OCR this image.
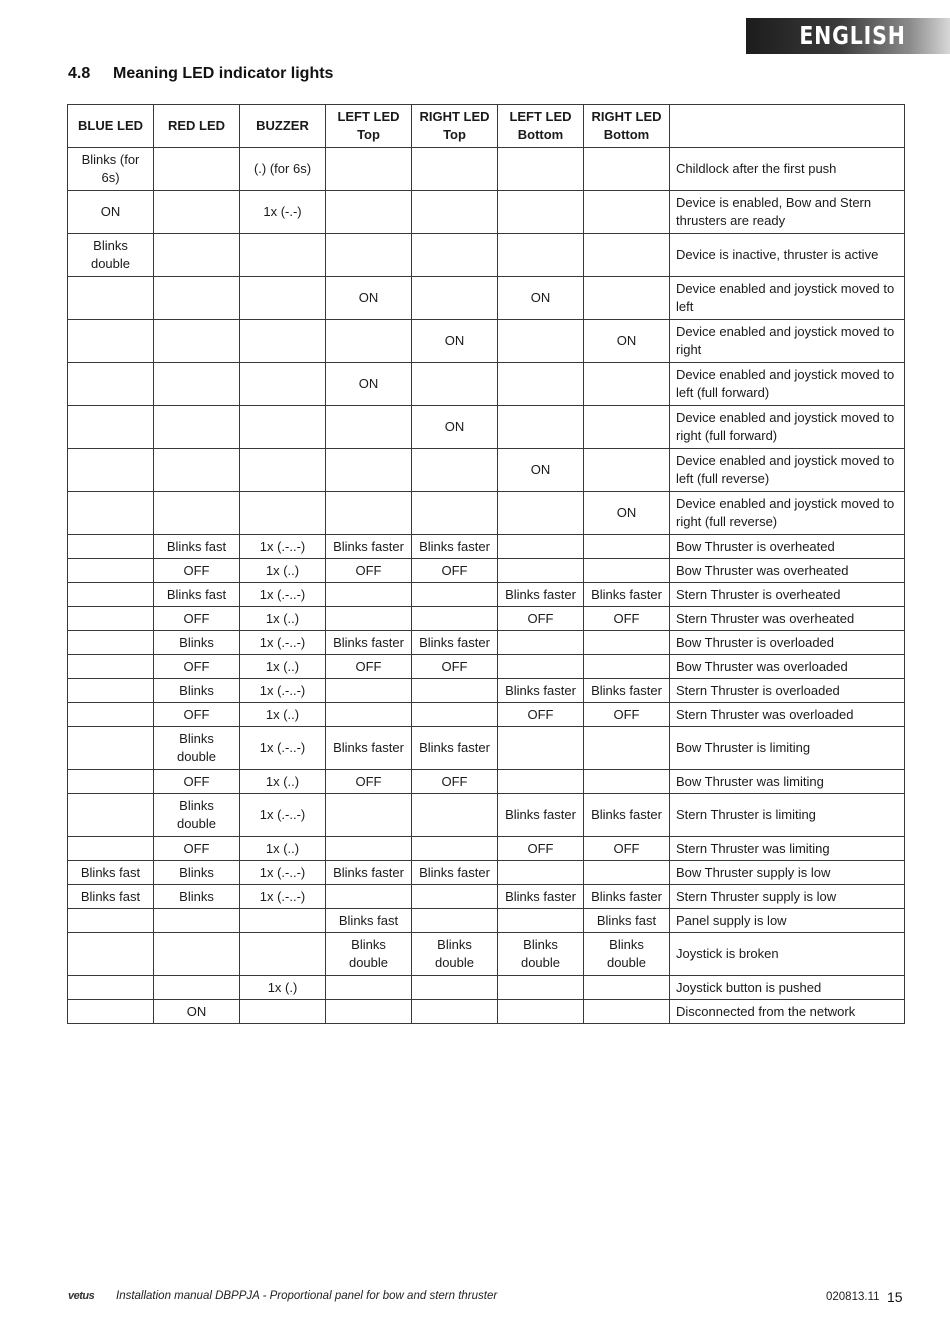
ENGLISH
4.8 Meaning LED indicator lights
BLUE LED	RED LED	BUZZER	LEFT LED Top	RIGHT LED Top	LEFT LED Bottom	RIGHT LED Bottom	
Blinks (for 6s)		(.) (for 6s)					Childlock after the first push
ON		1x (-.-)					Device is enabled, Bow and Stern thrusters are ready
Blinks double							Device is inactive, thruster is active
			ON		ON		Device enabled and joystick moved to left
				ON		ON	Device enabled and joystick moved to right
			ON				Device enabled and joystick moved to left (full forward)
				ON			Device enabled and joystick moved to right (full forward)
					ON		Device enabled and joystick moved to left (full reverse)
						ON	Device enabled and joystick moved to right (full reverse)
	Blinks fast	1x (.-..-)	Blinks faster	Blinks faster			Bow Thruster is overheated
	OFF	1x (..)	OFF	OFF			Bow Thruster was overheated
	Blinks fast	1x (.-..-)			Blinks faster	Blinks faster	Stern Thruster is overheated
	OFF	1x (..)			OFF	OFF	Stern Thruster was overheated
	Blinks	1x (.-..-)	Blinks faster	Blinks faster			Bow Thruster is overloaded
	OFF	1x (..)	OFF	OFF			Bow Thruster was overloaded
	Blinks	1x (.-..-)			Blinks faster	Blinks faster	Stern Thruster is overloaded
	OFF	1x (..)			OFF	OFF	Stern Thruster was overloaded
	Blinks double	1x (.-..-)	Blinks faster	Blinks faster			Bow Thruster is limiting
	OFF	1x (..)	OFF	OFF			Bow Thruster was limiting
	Blinks double	1x (.-..-)			Blinks faster	Blinks faster	Stern Thruster is limiting
	OFF	1x (..)			OFF	OFF	Stern Thruster was limiting
Blinks fast	Blinks	1x (.-..-)	Blinks faster	Blinks faster			Bow Thruster supply is low
Blinks fast	Blinks	1x (.-..-)			Blinks faster	Blinks faster	Stern Thruster supply is low
			Blinks fast			Blinks fast	Panel supply is low
			Blinks double	Blinks double	Blinks double	Blinks double	Joystick is broken
		1x (.)					Joystick button is pushed
	ON						Disconnected from the network
vetus Installation manual DBPPJA - Proportional panel for bow and stern thruster	020813.11 15
